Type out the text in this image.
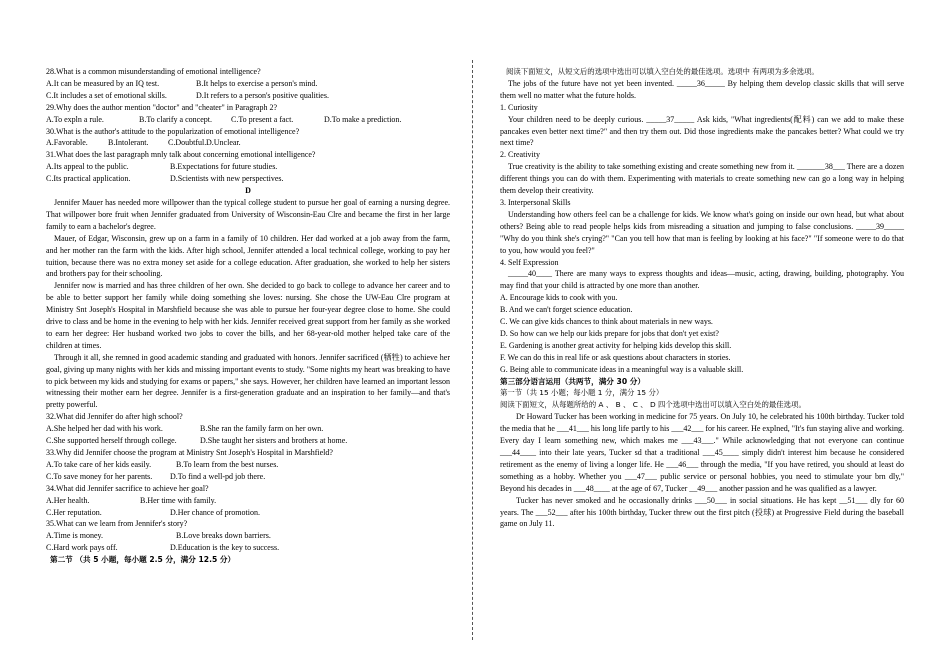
28.What is a common misunderstanding of emotional intelligence?
A.It can be measured by an IQ test.	B.It helps to exercise a person's mind.
C.It includes a set of emotional skills.	D.It refers to a person's positive qualities.
29.Why does the author mention "doctor" and "cheater" in Paragraph 2?
A.To expln a rule.	B.To clarify a concept.	C.To present a fact.	D.To make a prediction.
30.What is the author's attitude to the popularization of emotional intelligence?
A.Favorable.	B.Intolerant.	C.Doubtful. D.Unclear.
31.What does the last paragraph mnly talk about concerning emotional intelligence?
A.Its appeal to the public.	B.Expectations for future studies.
C.Its practical application.	D.Scientists with new perspectives.
D
Jennifer Mauer has needed more willpower than the typical college student to pursue her goal of earning a nursing degree. That willpower bore fruit when Jennifer graduated from University of Wisconsin-Eau Clre and became the first in her large family to earn a bachelor's degree.
Mauer, of Edgar, Wisconsin, grew up on a farm in a family of 10 children. Her dad worked at a job away from the farm, and her mother ran the farm with the kids. After high school, Jennifer attended a local technical college, working to pay her tuition, because there was no extra money set aside for a college education. After graduation, she worked to help her sisters and brothers pay for their schooling.
Jennifer now is married and has three children of her own. She decided to go back to college to advance her career and to be able to better support her family while doing something she loves: nursing. She chose the UW-Eau Clre program at Ministry Snt Joseph's Hospital in Marshfield because she was able to pursue her four-year degree close to home. She could drive to class and be home in the evening to help with her kids. Jennifer received great support from her family as she worked to earn her degree: Her husband worked two jobs to cover the bills, and her 68-year-old mother helped take care of the children at times.
Through it all, she remned in good academic standing and graduated with honors. Jennifer sacrificed (牺牲) to achieve her goal, giving up many nights with her kids and missing important events to study. "Some nights my heart was breaking to have to pick between my kids and studying for exams or papers," she says. However, her children have learned an important lesson witnessing their mother earn her degree. Jennifer is a first-generation graduate and an inspiration to her family—and that's pretty powerful.
32.What did Jennifer do after high school?
A.She helped her dad with his work.	B.She ran the family farm on her own.
C.She supported herself through college.	D.She taught her sisters and brothers at home.
33.Why did Jennifer choose the program at Ministry Snt Joseph's Hospital in Marshfield?
A.To take care of her kids easily.	B.To learn from the best nurses.
C.To save money for her parents.	D.To find a well-pd job there.
34.What did Jennifer sacrifice to achieve her goal?
A.Her health.	B.Her time with family.
C.Her reputation.	D.Her chance of promotion.
35.What can we learn from Jennifer's story?
A.Time is money.	B.Love breaks down barriers.
C.Hard work pays off.	D.Education is the key to success.
第二节 （共 5 小题，每小题 2.5 分，满分 12.5 分）
阅读下面短文，从短文后的选项中选出可以填入空白处的最佳选项。选项中 有两项为多余选项。
The jobs of the future have not yet been invented. _____36_____ By helping them develop classic skills that will serve them well no matter what the future holds.
1. Curiosity
Your children need to be deeply curious. _____37_____ Ask kids, "What ingredients(配料) can we add to make these pancakes even better next time?" and then try them out. Did those ingredients make the pancakes better? What could we try next time?
2. Creativity
True creativity is the ability to take something existing and create something new from it. _______38___ There are a dozen different things you can do with them. Experimenting with materials to create something new can go a long way in helping them develop their creativity.
3. Interpersonal Skills
Understanding how others feel can be a challenge for kids. We know what's going on inside our own head, but what about others? Being able to read people helps kids from misreading a situation and jumping to false conclusions. _____39_____ "Why do you think she's crying?" "Can you tell how that man is feeling by looking at his face?" "If someone were to do that to you, how would you feel?"
4. Self Expression
_____40____ There are many ways to express thoughts and ideas—music, acting, drawing, building, photography. You may find that your child is attracted by one more than another.
A. Encourage kids to cook with you.
B. And we can't forget science education.
C. We can give kids chances to think about materials in new ways.
D. So how can we help our kids prepare for jobs that don't yet exist?
E. Gardening is another great activity for helping kids develop this skill.
F. We can do this in real life or ask questions about characters in stories.
G. Being able to communicate ideas in a meaningful way is a valuable skill.
第三部分语言运用（共两节，满分 30 分）
第一节（共 15 小题；每小题 1 分，满分 15 分）
阅读下面短文，从每题所给的 A 、 B 、 C 、 D 四个选项中选出可以填入空白处的最佳选项。
Dr Howard Tucker has been working in medicine for 75 years. On July 10, he celebrated his 100th birthday. Tucker told the media that he ___41___ his long life partly to his ___42___ for his career. He explned, "It's fun staying alive and working. Every day I learn something new, which makes me ___43___." While acknowledging that not everyone can continue ___44____ into their late years, Tucker sd that a traditional ___45____ simply didn't interest him because he considered retirement as the enemy of living a longer life. He ___46___ through the media, "If you have retired, you should at least do something as a hobby. Whether you ___47___ public service or personal hobbies, you need to stimulate your brn dly," Beyond his decades in ___48____ at the age of 67, Tucker __49___ another passion and he was qualified as a lawyer.
Tucker has never smoked and he occasionally drinks ___50___ in social situations. He has kept __51___ dly for 60 years. The ___52___ after his 100th birthday, Tucker threw out the first pitch (投球) at Progressive Field during the baseball game on July 11.
